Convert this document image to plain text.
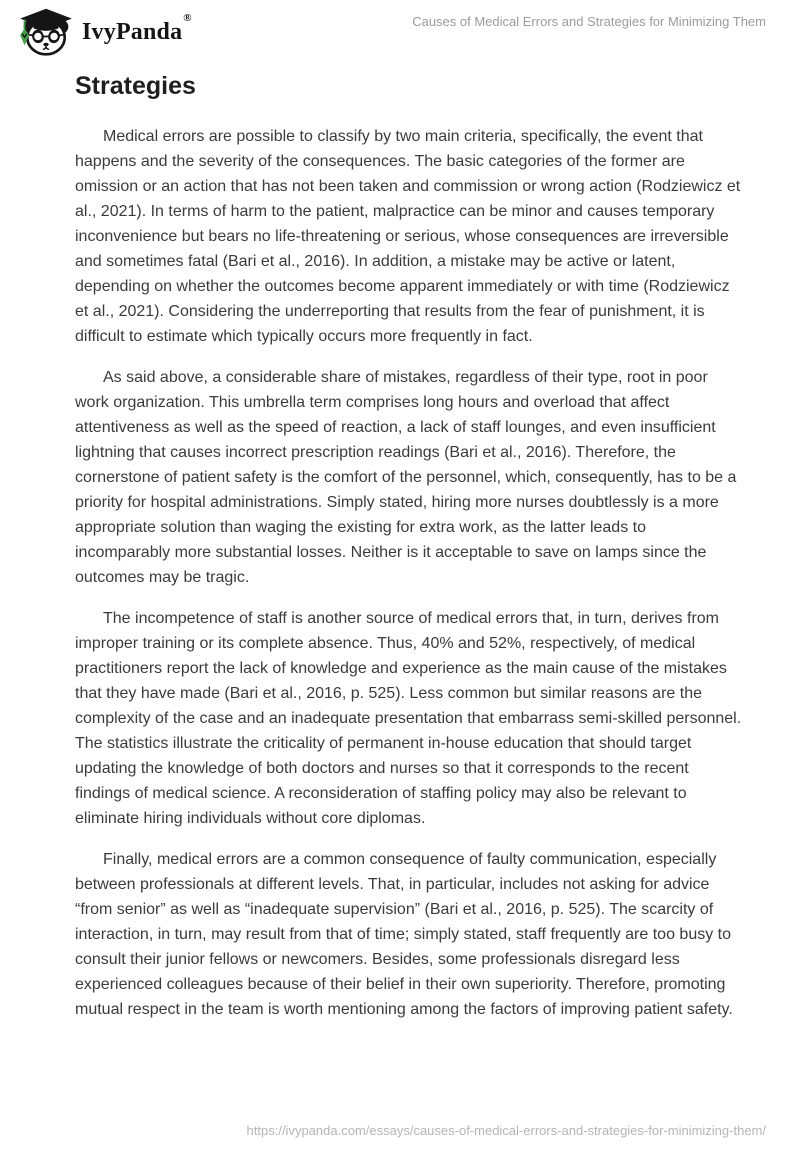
IvyPanda®	Causes of Medical Errors and Strategies for Minimizing Them
Strategies

Medical errors are possible to classify by two main criteria, specifically, the event that happens and the severity of the consequences. The basic categories of the former are omission or an action that has not been taken and commission or wrong action (Rodziewicz et al., 2021). In terms of harm to the patient, malpractice can be minor and causes temporary inconvenience but bears no life-threatening or serious, whose consequences are irreversible and sometimes fatal (Bari et al., 2016). In addition, a mistake may be active or latent, depending on whether the outcomes become apparent immediately or with time (Rodziewicz et al., 2021). Considering the underreporting that results from the fear of punishment, it is difficult to estimate which typically occurs more frequently in fact.

As said above, a considerable share of mistakes, regardless of their type, root in poor work organization. This umbrella term comprises long hours and overload that affect attentiveness as well as the speed of reaction, a lack of staff lounges, and even insufficient lightning that causes incorrect prescription readings (Bari et al., 2016). Therefore, the cornerstone of patient safety is the comfort of the personnel, which, consequently, has to be a priority for hospital administrations. Simply stated, hiring more nurses doubtlessly is a more appropriate solution than waging the existing for extra work, as the latter leads to incomparably more substantial losses. Neither is it acceptable to save on lamps since the outcomes may be tragic.

The incompetence of staff is another source of medical errors that, in turn, derives from improper training or its complete absence. Thus, 40% and 52%, respectively, of medical practitioners report the lack of knowledge and experience as the main cause of the mistakes that they have made (Bari et al., 2016, p. 525). Less common but similar reasons are the complexity of the case and an inadequate presentation that embarrass semi-skilled personnel. The statistics illustrate the criticality of permanent in-house education that should target updating the knowledge of both doctors and nurses so that it corresponds to the recent findings of medical science. A reconsideration of staffing policy may also be relevant to eliminate hiring individuals without core diplomas.

Finally, medical errors are a common consequence of faulty communication, especially between professionals at different levels. That, in particular, includes not asking for advice “from senior” as well as “inadequate supervision” (Bari et al., 2016, p. 525). The scarcity of interaction, in turn, may result from that of time; simply stated, staff frequently are too busy to consult their junior fellows or newcomers. Besides, some professionals disregard less experienced colleagues because of their belief in their own superiority. Therefore, promoting mutual respect in the team is worth mentioning among the factors of improving patient safety.

https://ivypanda.com/essays/causes-of-medical-errors-and-strategies-for-minimizing-them/
